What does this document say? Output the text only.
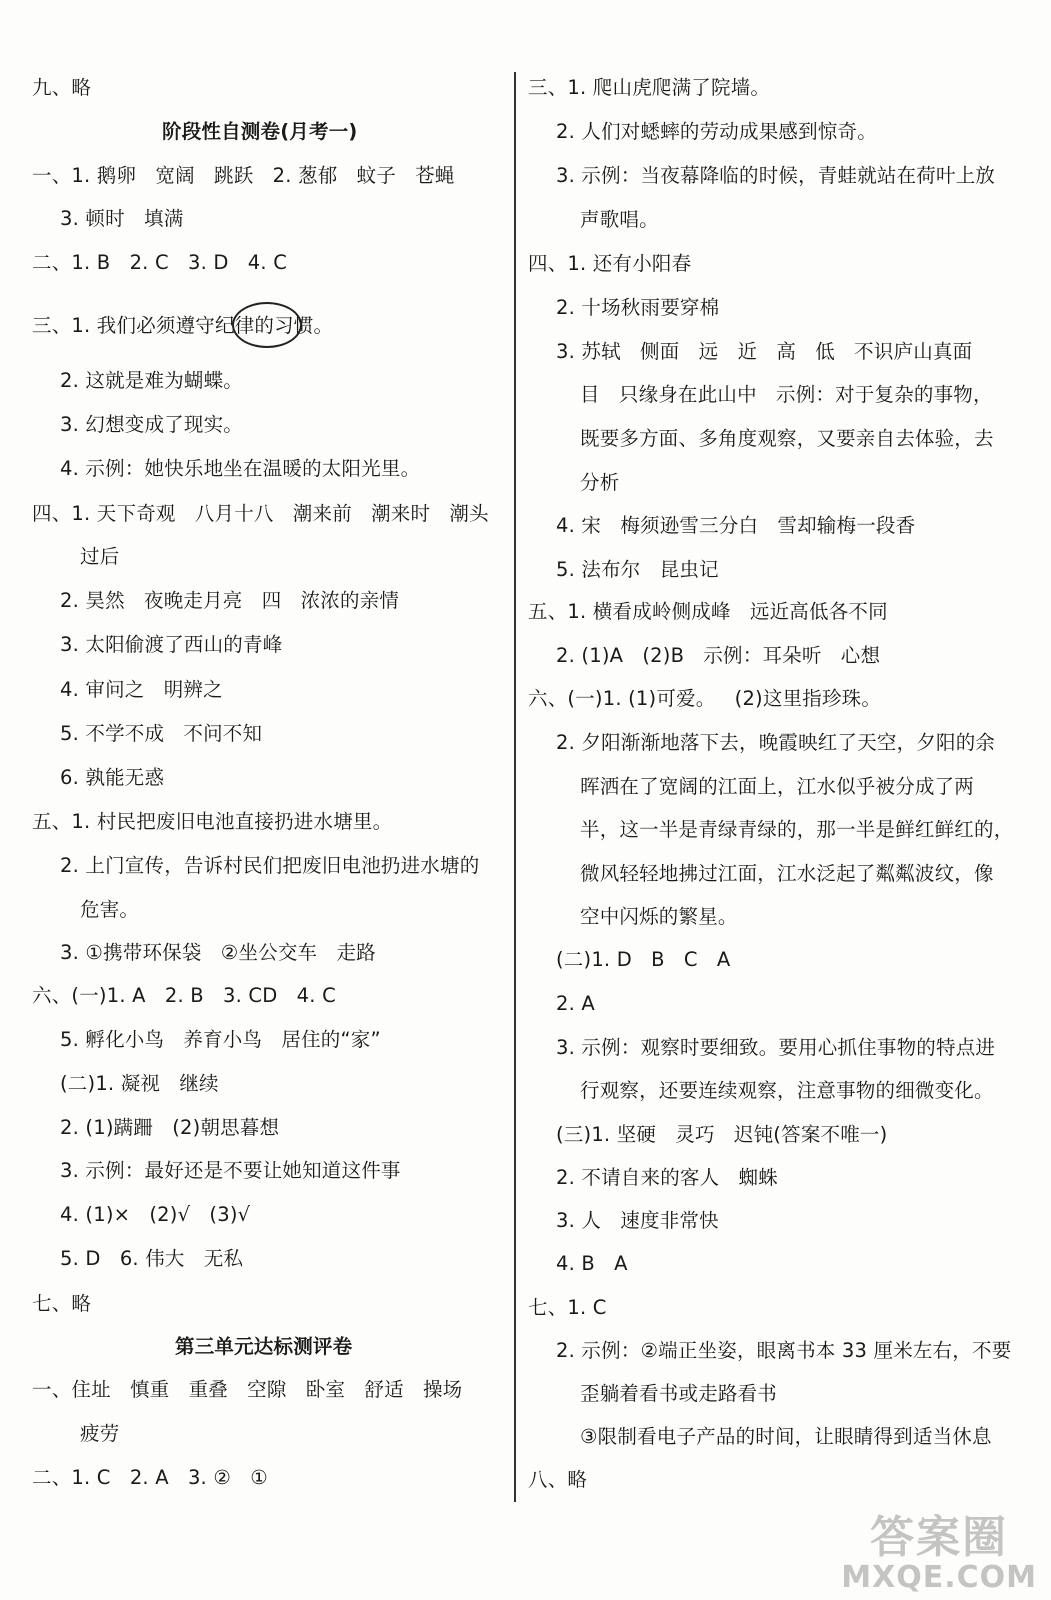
九、略
阶段性自测卷(月考一)
一、1. 鹅卵   宽阔   跳跃   2. 葱郁   蚊子   苍蝇
3. 顿时   填满
二、1. B   2. C   3. D   4. C
三、1. 我们必须遵守纪律的习惯。
2. 这就是难为蝴蝶。
3. 幻想变成了现实。
4. 示例：她快乐地坐在温暖的太阳光里。
四、1. 天下奇观   八月十八   潮来前   潮来时   潮头
过后
2. 昊然   夜晚走月亮   四   浓浓的亲情
3. 太阳偷渡了西山的青峰
4. 审问之   明辨之
5. 不学不成   不问不知
6. 孰能无惑
五、1. 村民把废旧电池直接扔进水塘里。
2. 上门宣传，告诉村民们把废旧电池扔进水塘的
危害。
3. ①携带环保袋   ②坐公交车   走路
六、(一)1. A   2. B   3. CD   4. C
5. 孵化小鸟   养育小鸟   居住的“家”
(二)1. 凝视   继续
2. (1)蹒跚   (2)朝思暮想
3. 示例：最好还是不要让她知道这件事
4. (1)×   (2)√   (3)√
5. D   6. 伟大   无私
七、略
第三单元达标测评卷
一、住址   慎重   重叠   空隙   卧室   舒适   操场
疲劳
二、1. C   2. A   3. ②   ①
三、1. 爬山虎爬满了院墙。
2. 人们对蟋蟀的劳动成果感到惊奇。
3. 示例：当夜幕降临的时候，青蛙就站在荷叶上放
声歌唱。
四、1. 还有小阳春
2. 十场秋雨要穿棉
3. 苏轼   侧面   远   近   高   低   不识庐山真面
目   只缘身在此山中   示例：对于复杂的事物，
既要多方面、多角度观察，又要亲自去体验，去
分析
4. 宋   梅须逊雪三分白   雪却输梅一段香
5. 法布尔   昆虫记
五、1. 横看成岭侧成峰   远近高低各不同
2. (1)A   (2)B   示例：耳朵听   心想
六、(一)1. (1)可爱。   (2)这里指珍珠。
2. 夕阳渐渐地落下去，晚霞映红了天空，夕阳的余
晖洒在了宽阔的江面上，江水似乎被分成了两
半，这一半是青绿青绿的，那一半是鲜红鲜红的，
微风轻轻地拂过江面，江水泛起了粼粼波纹，像
空中闪烁的繁星。
(二)1. D   B   C   A
2. A
3. 示例：观察时要细致。要用心抓住事物的特点进
行观察，还要连续观察，注意事物的细微变化。
(三)1. 坚硬   灵巧   迟钝(答案不唯一)
2. 不请自来的客人   蜘蛛
3. 人   速度非常快
4. B   A
七、1. C
2. 示例：②端正坐姿，眼离书本 33 厘米左右，不要
歪躺着看书或走路看书
③限制看电子产品的时间，让眼睛得到适当休息
八、略
答案圈
MXQE.COM
